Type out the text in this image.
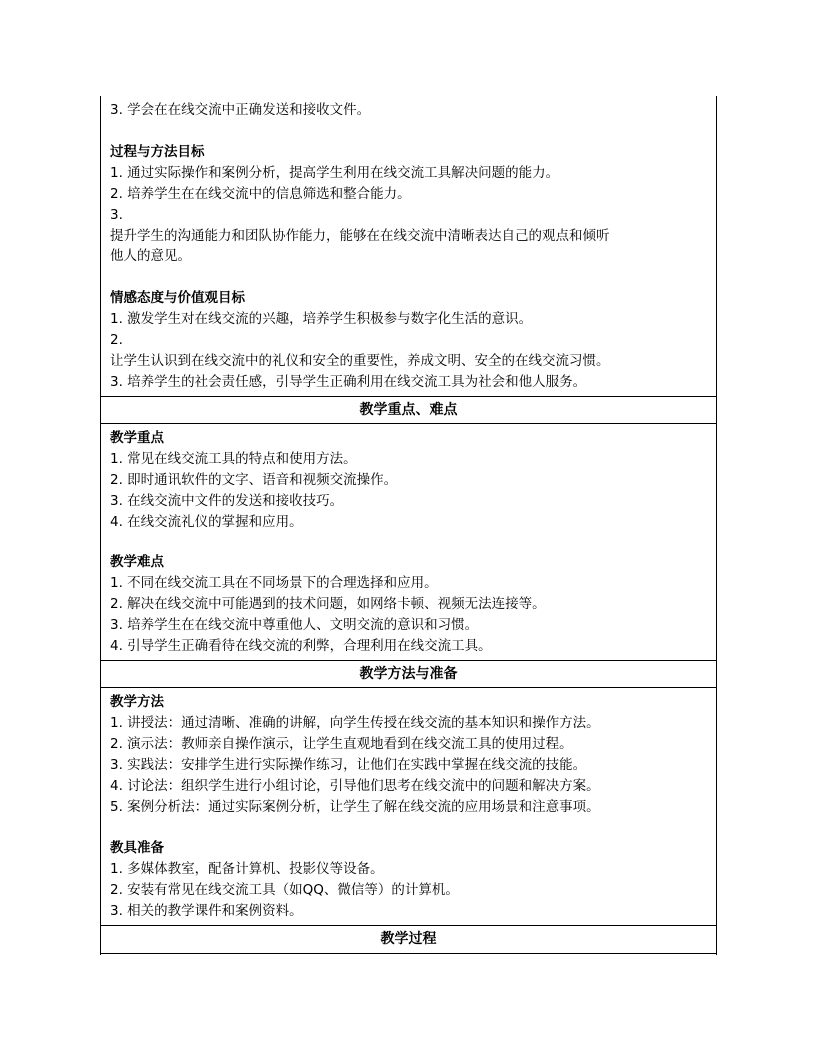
3. 学会在在线交流中正确发送和接收文件。
过程与方法目标
1. 通过实际操作和案例分析，提高学生利用在线交流工具解决问题的能力。
2. 培养学生在在线交流中的信息筛选和整合能力。
3.
提升学生的沟通能力和团队协作能力，能够在在线交流中清晰表达自己的观点和倾听
他人的意见。
情感态度与价值观目标
1. 激发学生对在线交流的兴趣，培养学生积极参与数字化生活的意识。
2.
让学生认识到在线交流中的礼仪和安全的重要性，养成文明、安全的在线交流习惯。
3. 培养学生的社会责任感，引导学生正确利用在线交流工具为社会和他人服务。
教学重点、难点
教学重点
1. 常见在线交流工具的特点和使用方法。
2. 即时通讯软件的文字、语音和视频交流操作。
3. 在线交流中文件的发送和接收技巧。
4. 在线交流礼仪的掌握和应用。
教学难点
1. 不同在线交流工具在不同场景下的合理选择和应用。
2. 解决在线交流中可能遇到的技术问题，如网络卡顿、视频无法连接等。
3. 培养学生在在线交流中尊重他人、文明交流的意识和习惯。
4. 引导学生正确看待在线交流的利弊，合理利用在线交流工具。
教学方法与准备
教学方法
1. 讲授法：通过清晰、准确的讲解，向学生传授在线交流的基本知识和操作方法。
2. 演示法：教师亲自操作演示，让学生直观地看到在线交流工具的使用过程。
3. 实践法：安排学生进行实际操作练习，让他们在实践中掌握在线交流的技能。
4. 讨论法：组织学生进行小组讨论，引导他们思考在线交流中的问题和解决方案。
5. 案例分析法：通过实际案例分析，让学生了解在线交流的应用场景和注意事项。
教具准备
1. 多媒体教室，配备计算机、投影仪等设备。
2. 安装有常见在线交流工具（如QQ、微信等）的计算机。
3. 相关的教学课件和案例资料。
教学过程
